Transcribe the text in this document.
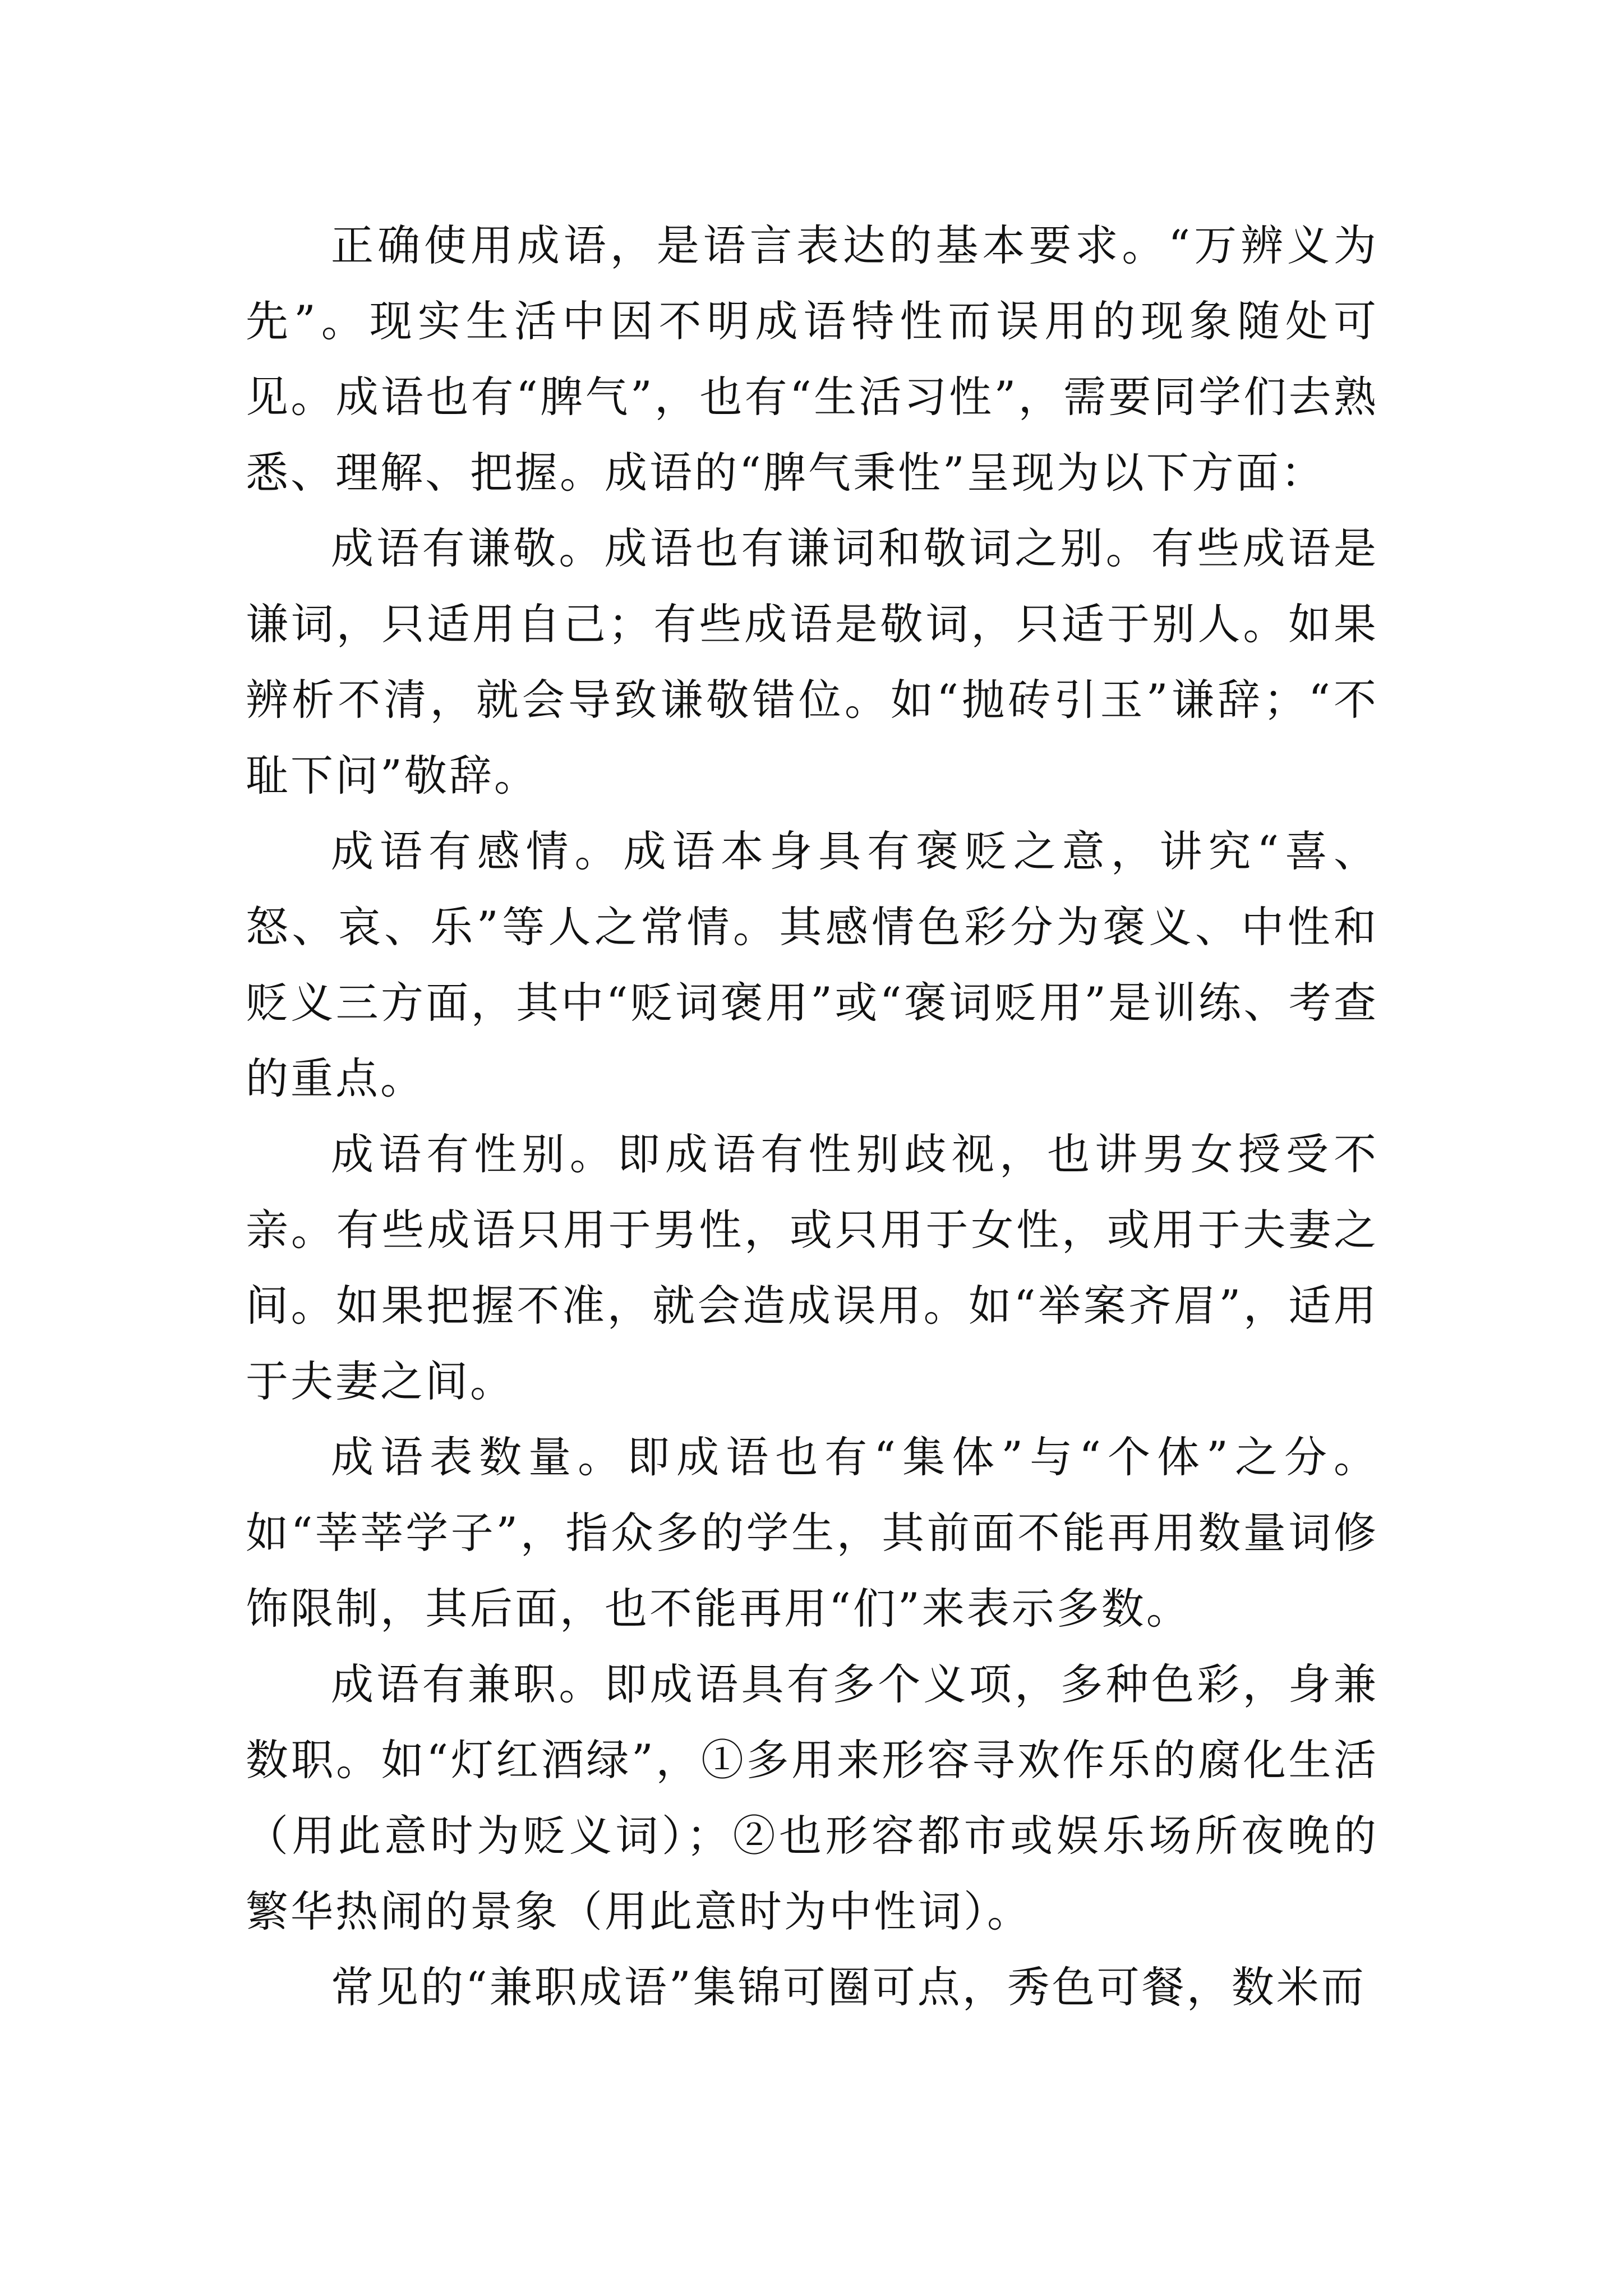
正确使用成语，是语言表达的基本要求。“万辨义为先”。现实生活中因不明成语特性而误用的现象随处可见。成语也有“脾气”，也有“生活习性”，需要同学们去熟悉、理解、把握。成语的“脾气秉性”呈现为以下方面：

成语有谦敬。成语也有谦词和敬词之别。有些成语是谦词，只适用自己；有些成语是敬词，只适于别人。如果辨析不清，就会导致谦敬错位。如“抛砖引玉”谦辞；“不耻下问”敬辞。

成语有感情。成语本身具有褒贬之意，讲究“喜、怒、哀、乐”等人之常情。其感情色彩分为褒义、中性和贬义三方面，其中“贬词褒用”或“褒词贬用”是训练、考查的重点。

成语有性别。即成语有性别歧视，也讲男女授受不亲。有些成语只用于男性，或只用于女性，或用于夫妻之间。如果把握不准，就会造成误用。如“举案齐眉”，适用于夫妻之间。

成语表数量。即成语也有“集体”与“个体”之分。如“莘莘学子”，指众多的学生，其前面不能再用数量词修饰限制，其后面，也不能再用“们”来表示多数。

成语有兼职。即成语具有多个义项，多种色彩，身兼数职。如“灯红酒绿”，①多用来形容寻欢作乐的腐化生活（用此意时为贬义词）；②也形容都市或娱乐场所夜晚的繁华热闹的景象（用此意时为中性词）。

常见的“兼职成语”集锦可圈可点，秀色可餐，数米而
